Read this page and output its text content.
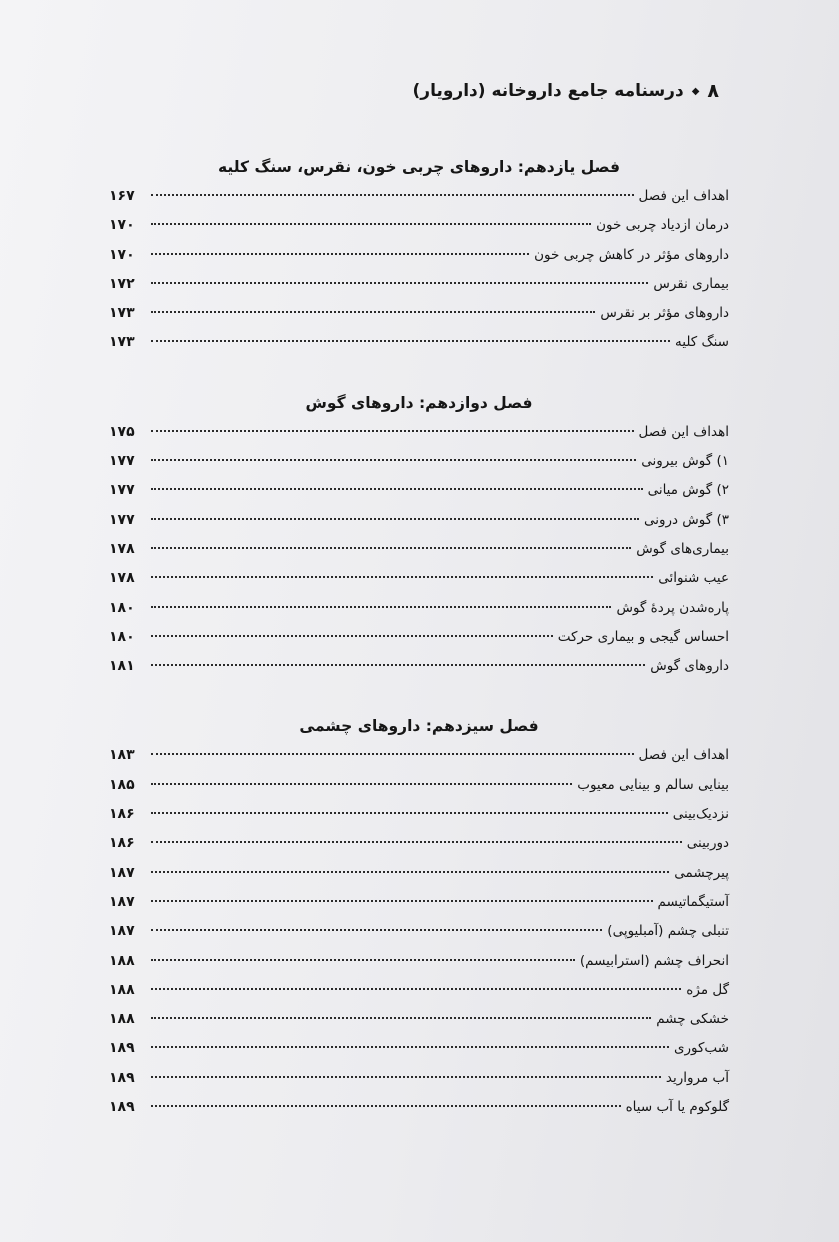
۸
◆
درسنامه جامع داروخانه (دارویار)
فصل یازدهم: داروهای چربی خون، نقرس، سنگ کلیه
اهداف این فصل
۱۶۷
درمان ازدیاد چربی خون
۱۷۰
داروهای مؤثر در کاهش چربی خون
۱۷۰
بیماری نقرس
۱۷۲
داروهای مؤثر بر نقرس
۱۷۳
سنگ کلیه
۱۷۳
فصل دوازدهم: داروهای گوش
اهداف این فصل
۱۷۵
۱) گوش بیرونی
۱۷۷
۲) گوش میانی
۱۷۷
۳) گوش درونی
۱۷۷
بیماری‌های گوش
۱۷۸
عیب شنوائی
۱۷۸
پاره‌شدن پردهٔ گوش
۱۸۰
احساس گیجی و بیماری حرکت
۱۸۰
داروهای گوش
۱۸۱
فصل سیزدهم: داروهای چشمی
اهداف این فصل
۱۸۳
بینایی سالم و بینایی معیوب
۱۸۵
نزدیک‌بینی
۱۸۶
دوربینی
۱۸۶
پیرچشمی
۱۸۷
آستیگماتیسم
۱۸۷
تنبلی چشم (آمبلیوپی)
۱۸۷
انحراف چشم (استرابیسم)
۱۸۸
گل مژه
۱۸۸
خشکی چشم
۱۸۸
شب‌کوری
۱۸۹
آب مروارید
۱۸۹
گلوکوم یا آب سیاه
۱۸۹
